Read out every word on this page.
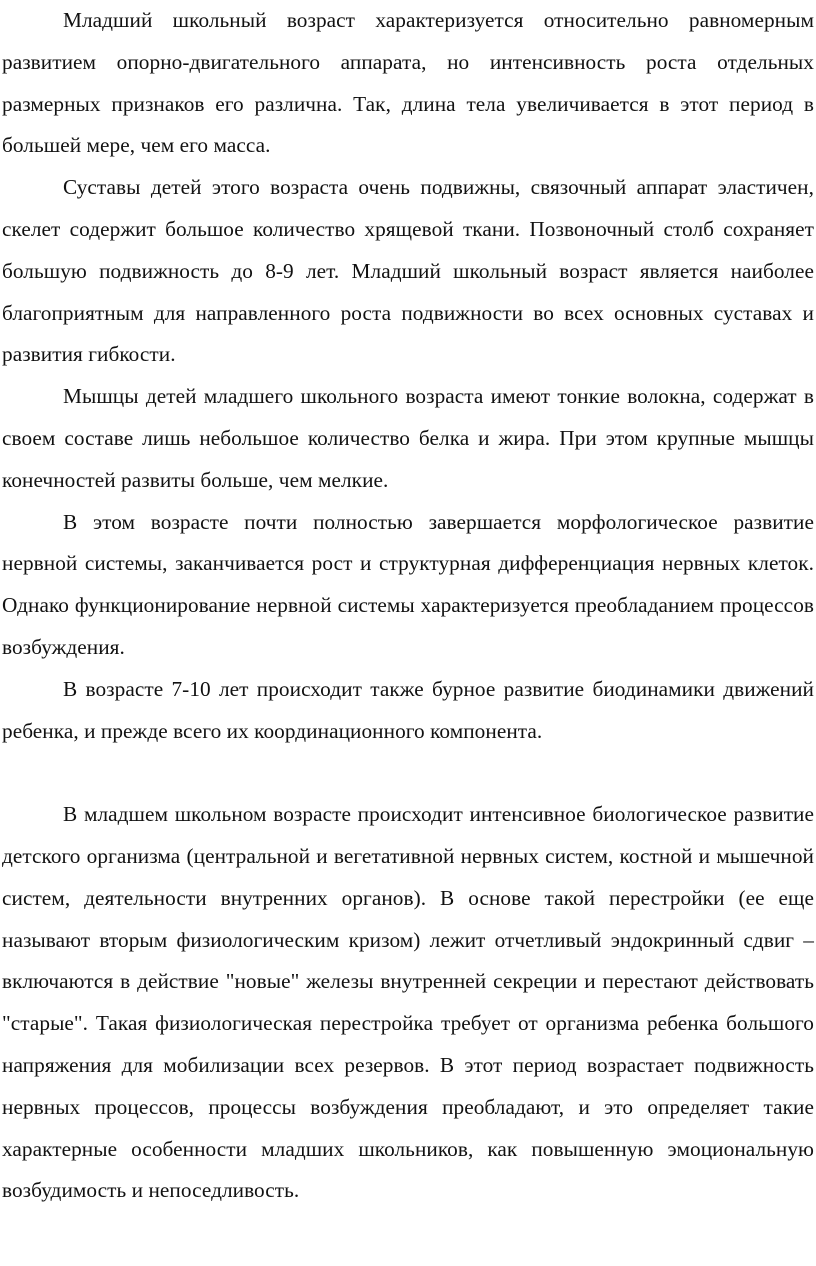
Младший школьный возраст характеризуется относительно равномерным развитием опорно-двигательного аппарата, но интенсивность роста отдельных размерных признаков его различна. Так, длина тела увеличивается в этот период в большей мере, чем его масса.

Суставы детей этого возраста очень подвижны, связочный аппарат эластичен, скелет содержит большое количество хрящевой ткани. Позвоночный столб сохраняет большую подвижность до 8-9 лет. Младший школьный возраст является наиболее благоприятным для направленного роста подвижности во всех основных суставах и развития гибкости.

Мышцы детей младшего школьного возраста имеют тонкие волокна, содержат в своем составе лишь небольшое количество белка и жира. При этом крупные мышцы конечностей развиты больше, чем мелкие.

В этом возрасте почти полностью завершается морфологическое развитие нервной системы, заканчивается рост и структурная дифференциация нервных клеток. Однако функционирование нервной системы характеризуется преобладанием процессов возбуждения.

В возрасте 7-10 лет происходит также бурное развитие биодинамики движений ребенка, и прежде всего их координационного компонента.

В младшем школьном возрасте происходит интенсивное биологическое развитие детского организма (центральной и вегетативной нервных систем, костной и мышечной систем, деятельности внутренних органов). В основе такой перестройки (ее еще называют вторым физиологическим кризом) лежит отчетливый эндокринный сдвиг – включаются в действие "новые" железы внутренней секреции и перестают действовать "старые". Такая физиологическая перестройка требует от организма ребенка большого напряжения для мобилизации всех резервов. В этот период возрастает подвижность нервных процессов, процессы возбуждения преобладают, и это определяет такие характерные особенности младших школьников, как повышенную эмоциональную возбудимость и непоседливость.
